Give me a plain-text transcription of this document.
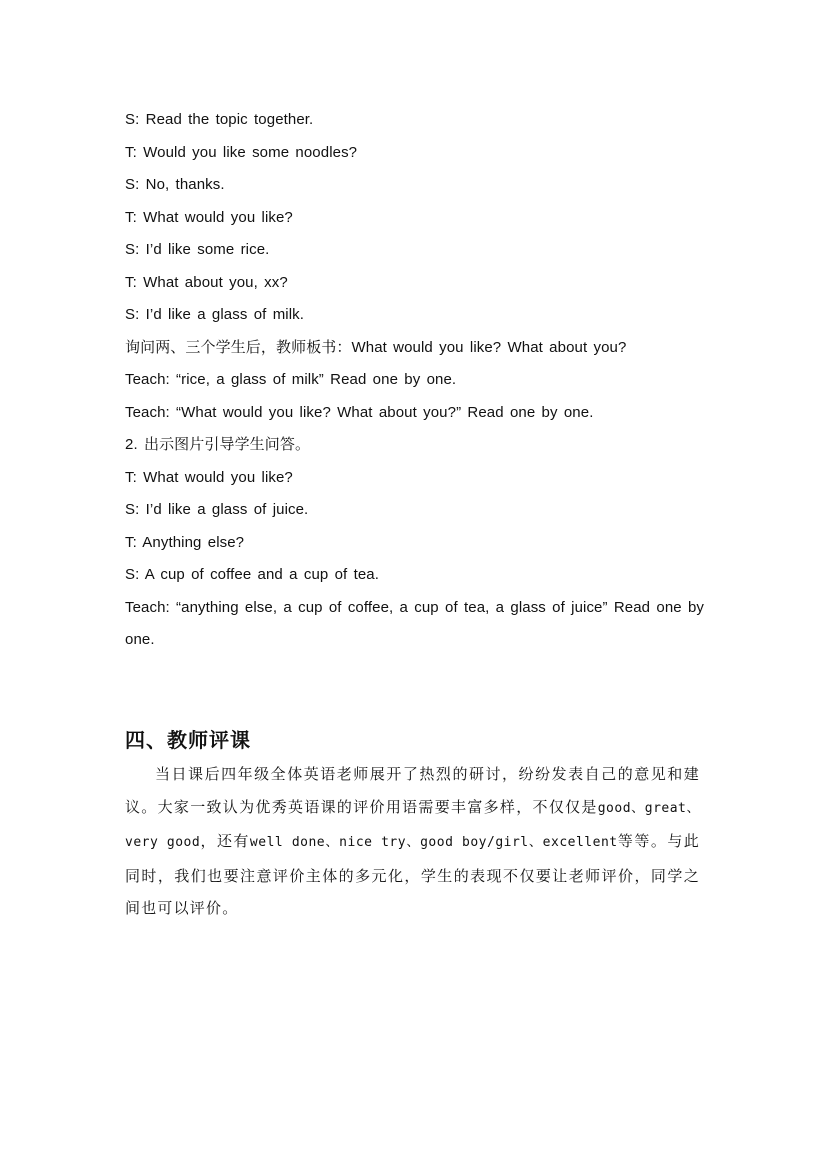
S: Read the topic together.

T: Would you like some noodles?

S: No, thanks.

T: What would you like?

S: I’d like some rice.

T: What about you, xx?

S: I’d like a glass of milk.

询问两、三个学生后，教师板书：What would you like? What about you?

Teach: “rice, a glass of milk” Read one by one.

Teach: “What would you like? What about you?” Read one by one.

2. 出示图片引导学生问答。

T: What would you like?

S: I’d like a glass of juice.

T: Anything else?

S: A cup of coffee and a cup of tea.

Teach: “anything else, a cup of coffee, a cup of tea, a glass of juice” Read one by one.

四、教师评课

当日课后四年级全体英语老师展开了热烈的研讨，纷纷发表自己的意见和建议。大家一致认为优秀英语课的评价用语需要丰富多样，不仅仅是good、great、very good，还有well done、nice try、good boy/girl、excellent等等。与此同时，我们也要注意评价主体的多元化，学生的表现不仅要让老师评价，同学之间也可以评价。
